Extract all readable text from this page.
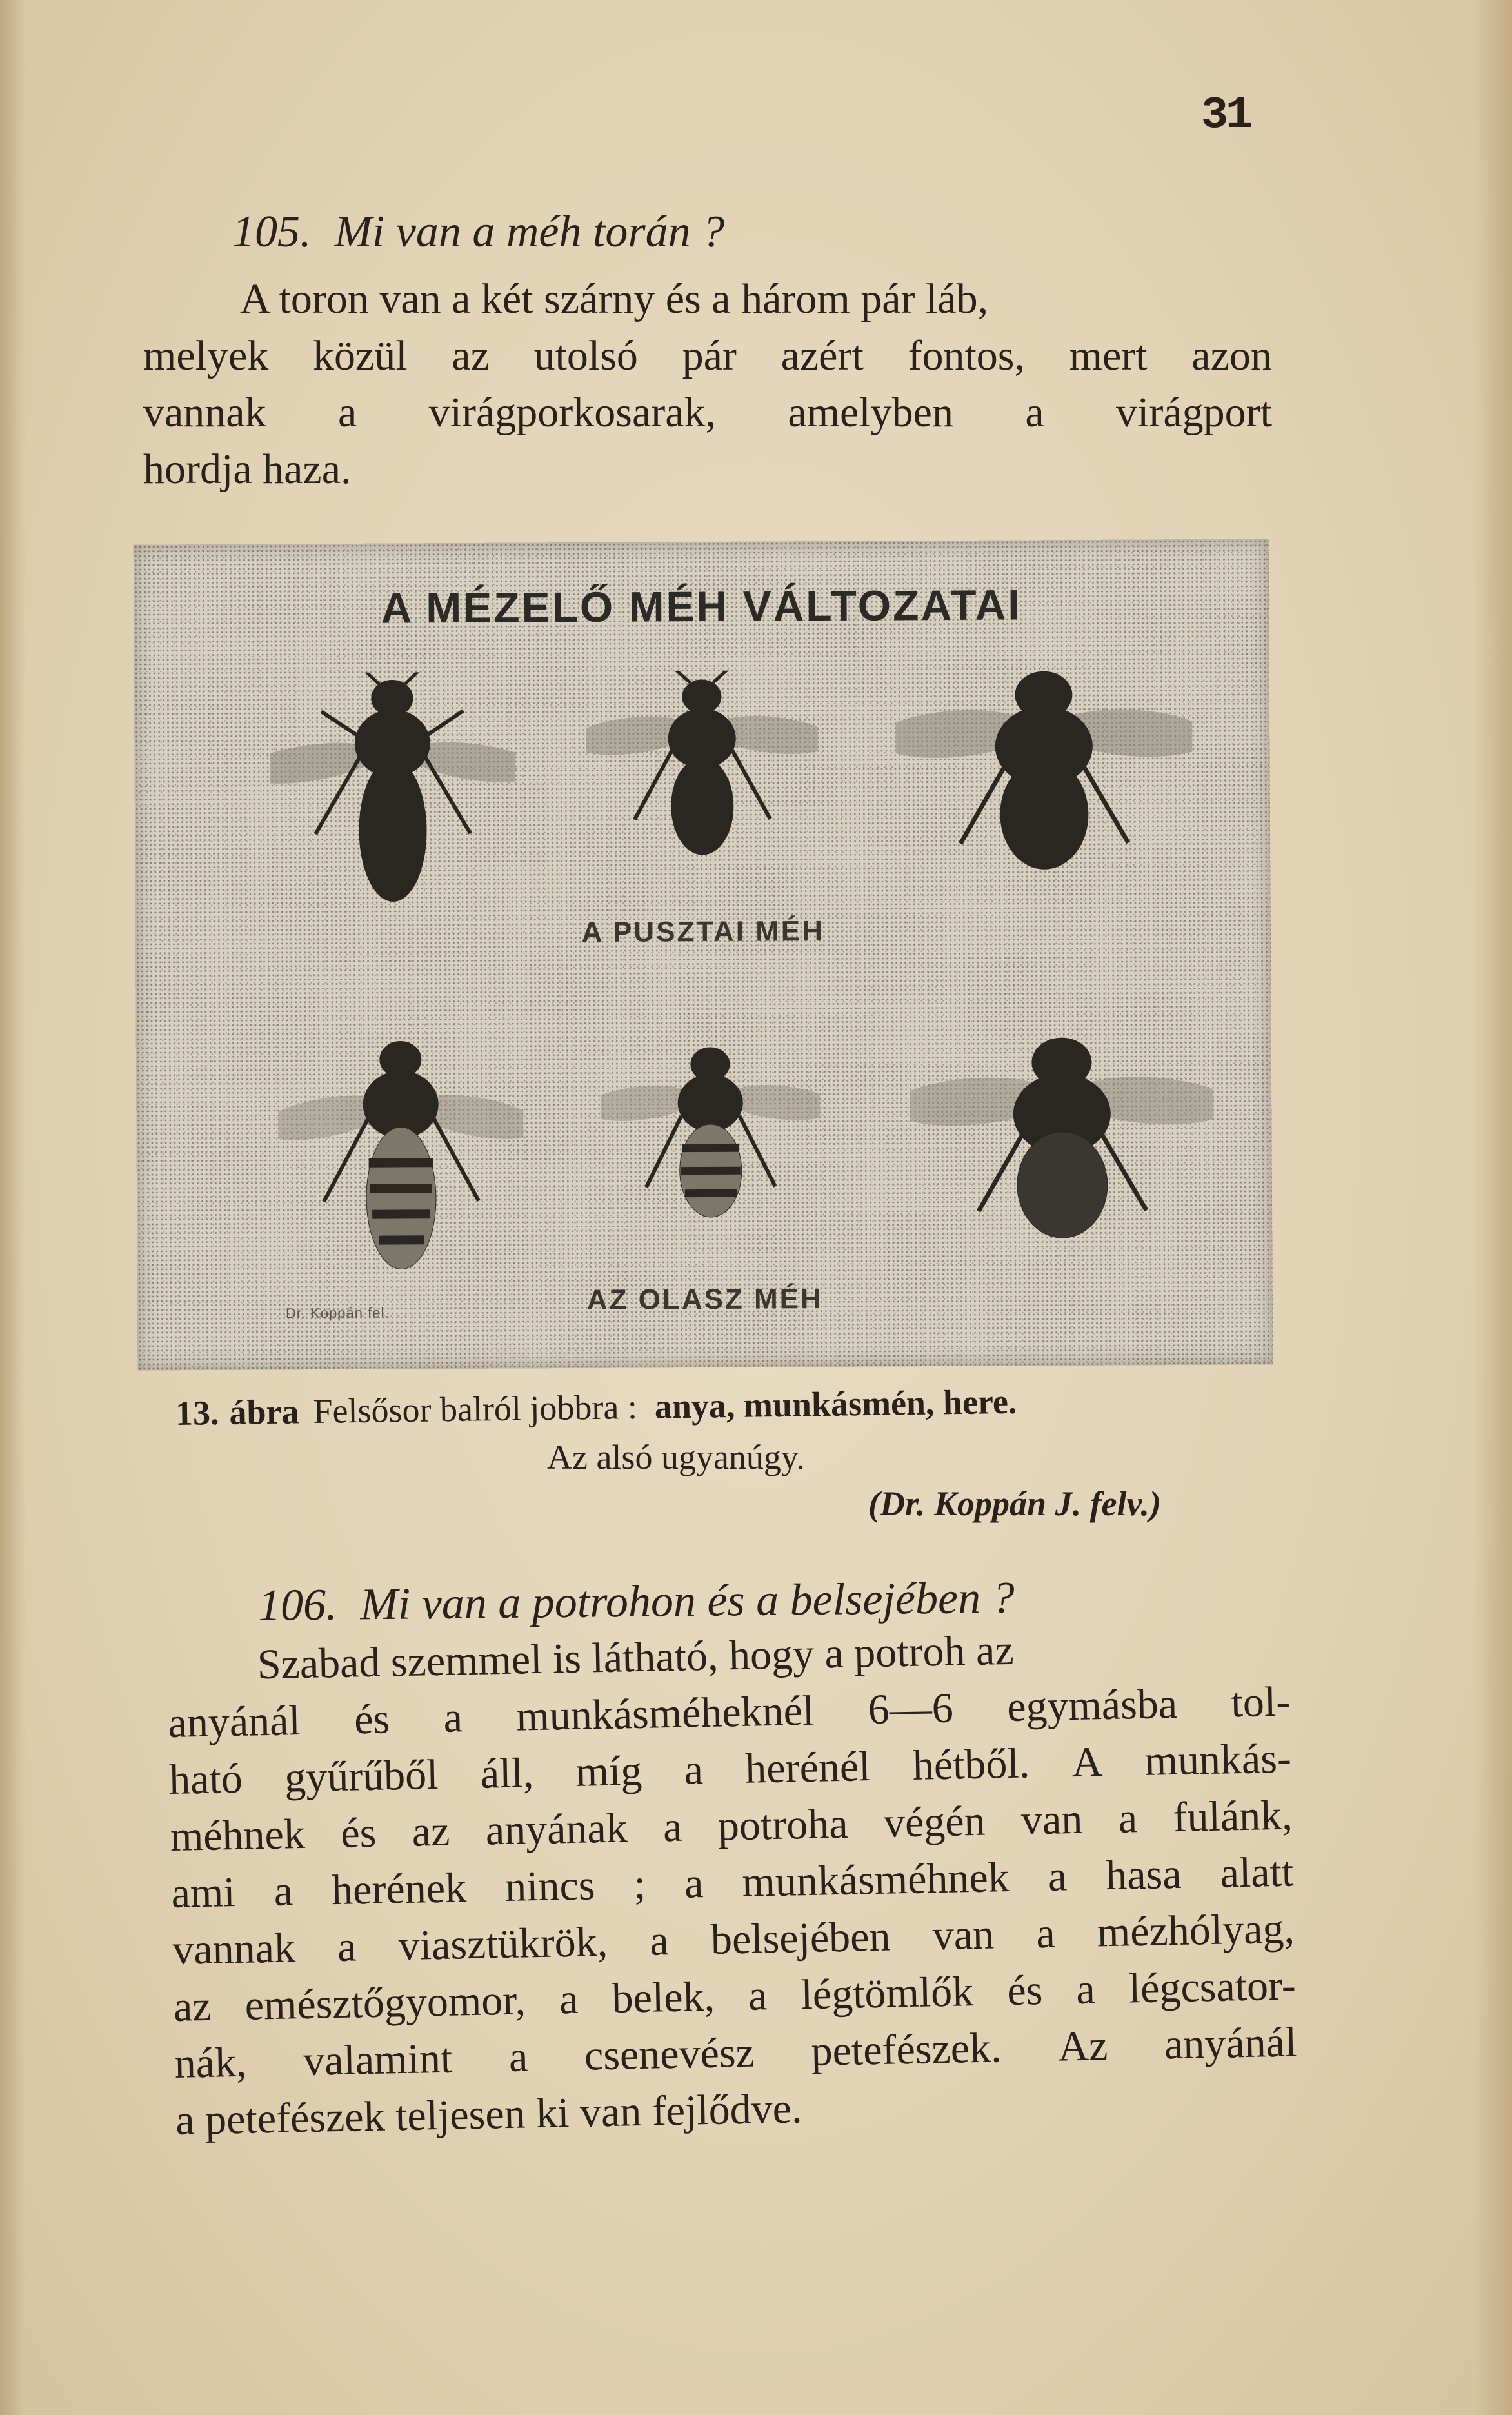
31
105. Mi van a méh torán ?
A toron van a két szárny és a három pár láb,
melyek közül az utolsó pár azért fontos, mert azon
vannak a virágporkosarak, amelyben a virágport
hordja haza.
A MÉZELŐ MÉH VÁLTOZATAI
A PUSZTAI MÉH
Dr. Koppán fel.	AZ OLASZ MÉH
13. ábra Felsősor balról jobbra : anya, munkásmén, here.
Az alsó ugyanúgy.
(Dr. Koppán J. felv.)
106. Mi van a potrohon és a belsejében ?
Szabad szemmel is látható, hogy a potroh az
anyánál és a munkásméheknél 6—6 egymásba tol-
ható gyűrűből áll, míg a herénél hétből. A munkás-
méhnek és az anyának a potroha végén van a fulánk,
ami a herének nincs ; a munkásméhnek a hasa alatt
vannak a viasztükrök, a belsejében van a mézhólyag,
az emésztőgyomor, a belek, a légtömlők és a légcsator-
nák, valamint a csenevész petefészek. Az anyánál
a petefészek teljesen ki van fejlődve.
